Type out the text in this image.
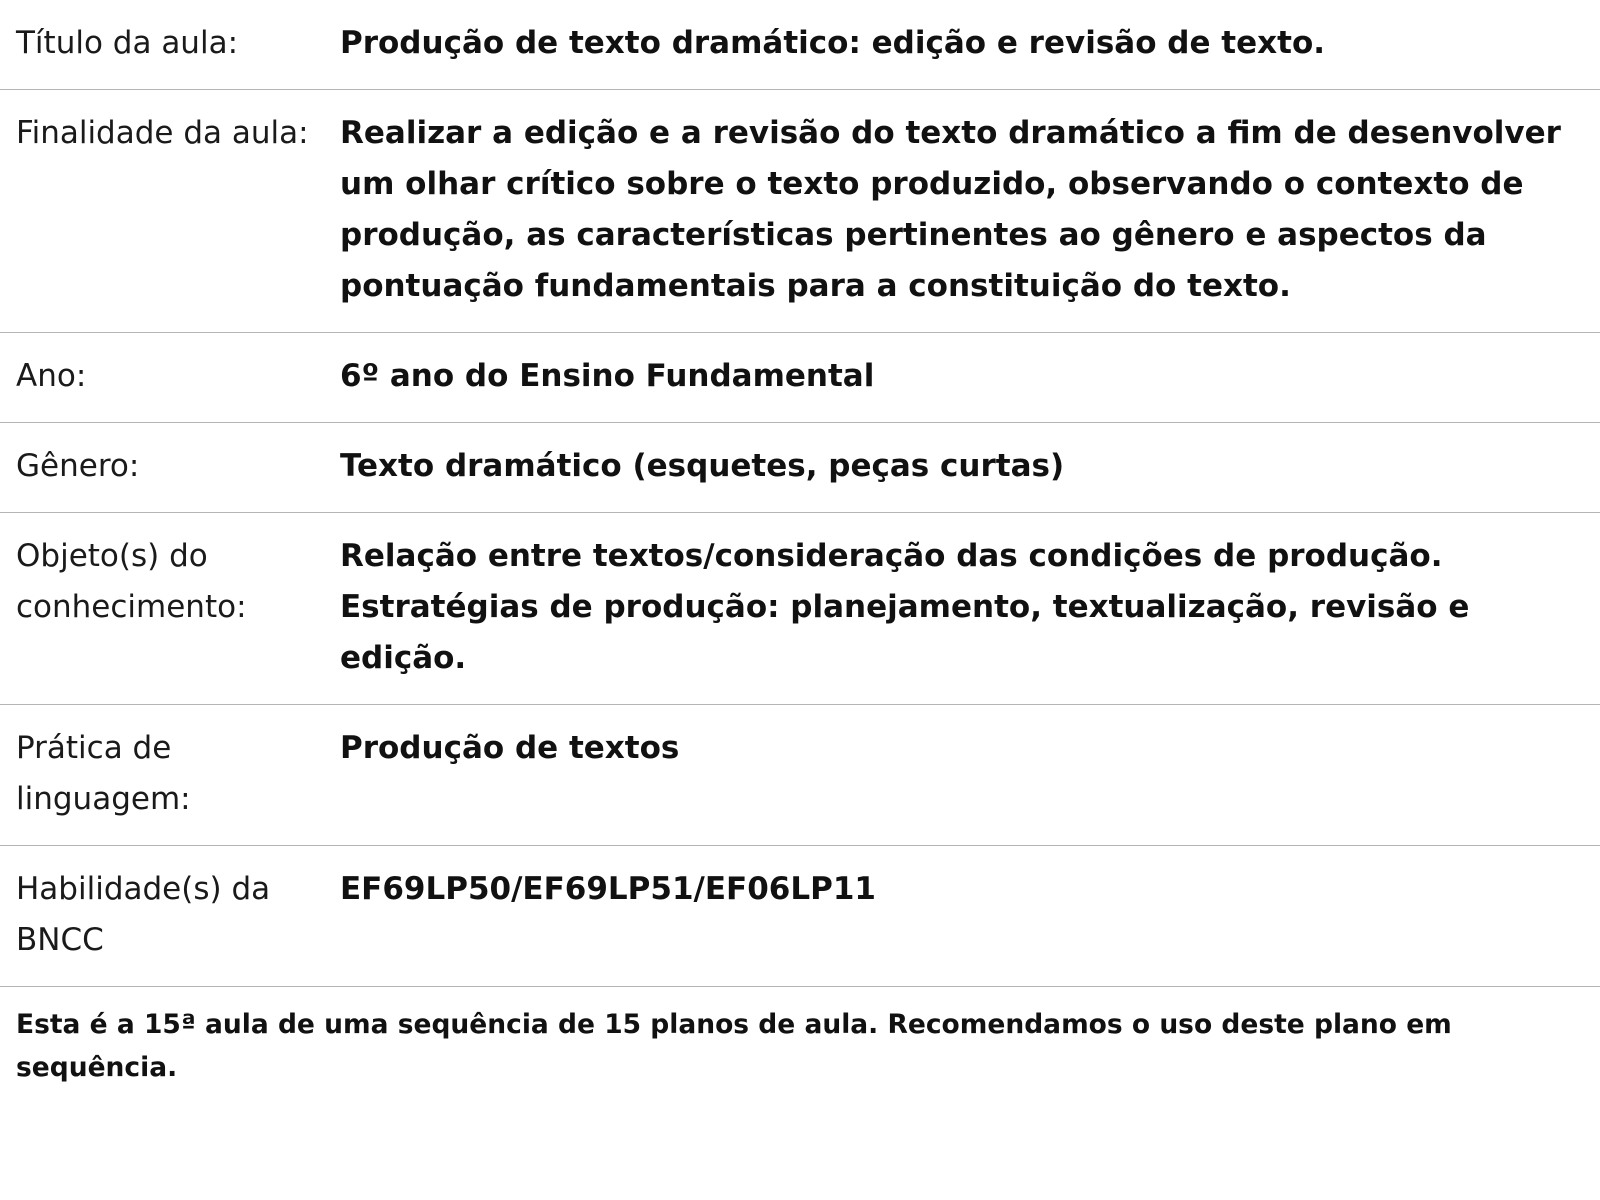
Título da aula:	Produção de texto dramático: edição e revisão de texto.
Finalidade da aula:	Realizar a edição e a revisão do texto dramático a fim de desenvolver um olhar crítico sobre o texto produzido, observando o contexto de produção, as características pertinentes ao gênero e aspectos da pontuação fundamentais para a constituição do texto.
Ano:	6º ano do Ensino Fundamental
Gênero:	Texto dramático (esquetes, peças curtas)
Objeto(s) do conhecimento:	Relação entre textos/consideração das condições de produção. Estratégias de produção: planejamento, textualização, revisão e edição.
Prática de linguagem:	Produção de textos
Habilidade(s) da BNCC	EF69LP50/EF69LP51/EF06LP11
Esta é a 15ª aula de uma sequência de 15 planos de aula. Recomendamos o uso deste plano em sequência.
